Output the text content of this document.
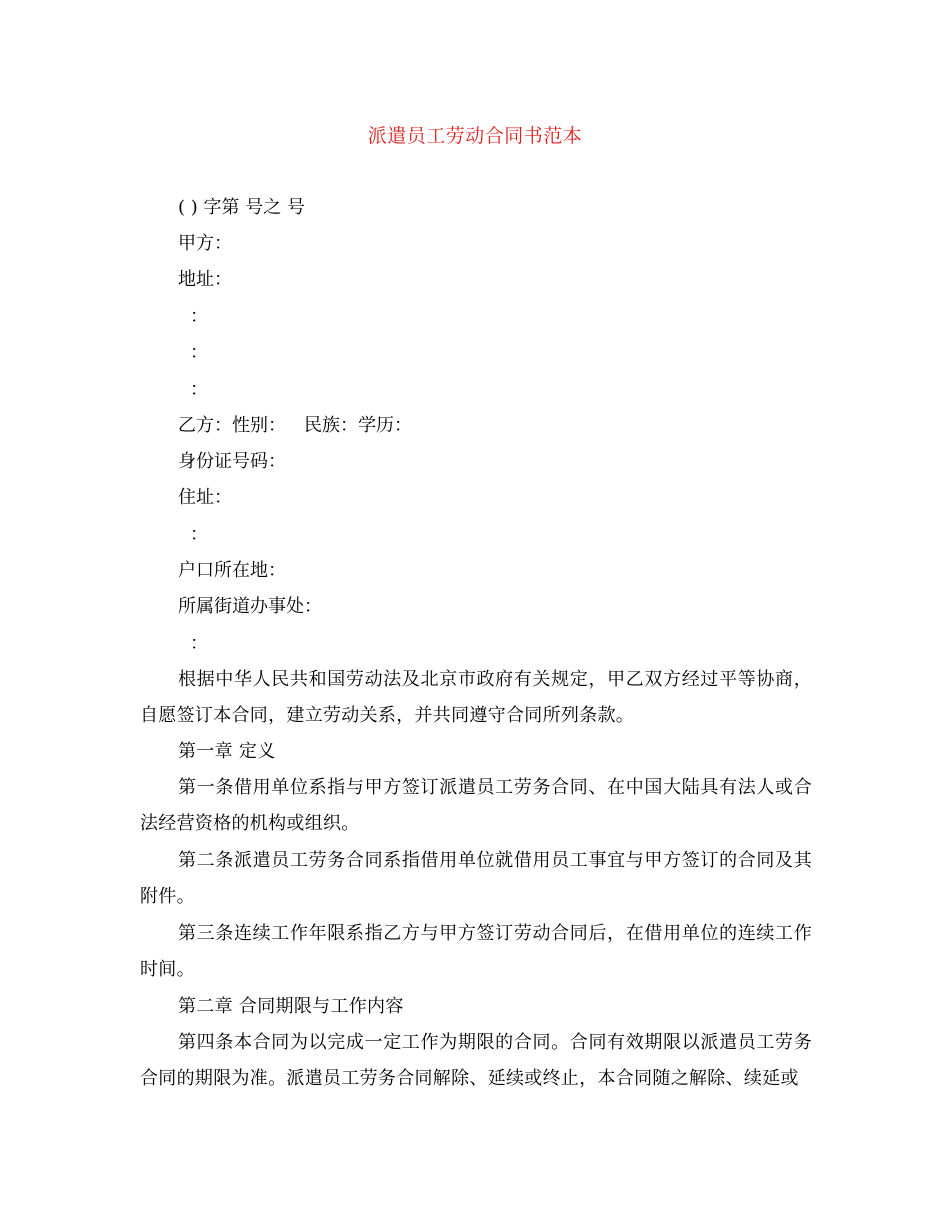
派遣员工劳动合同书范本
( ) 字第 号之 号
甲方：
地址：
：
：
：
乙方：性别： 民族：学历：
身份证号码：
住址：
：
户口所在地：
所属街道办事处：
：
根据中华人民共和国劳动法及北京市政府有关规定，甲乙双方经过平等协商，自愿签订本合同，建立劳动关系，并共同遵守合同所列条款。
第一章 定义
第一条借用单位系指与甲方签订派遣员工劳务合同、在中国大陆具有法人或合法经营资格的机构或组织。
第二条派遣员工劳务合同系指借用单位就借用员工事宜与甲方签订的合同及其附件。
第三条连续工作年限系指乙方与甲方签订劳动合同后，在借用单位的连续工作时间。
第二章 合同期限与工作内容
第四条本合同为以完成一定工作为期限的合同。合同有效期限以派遣员工劳务合同的期限为准。派遣员工劳务合同解除、延续或终止，本合同随之解除、续延或
